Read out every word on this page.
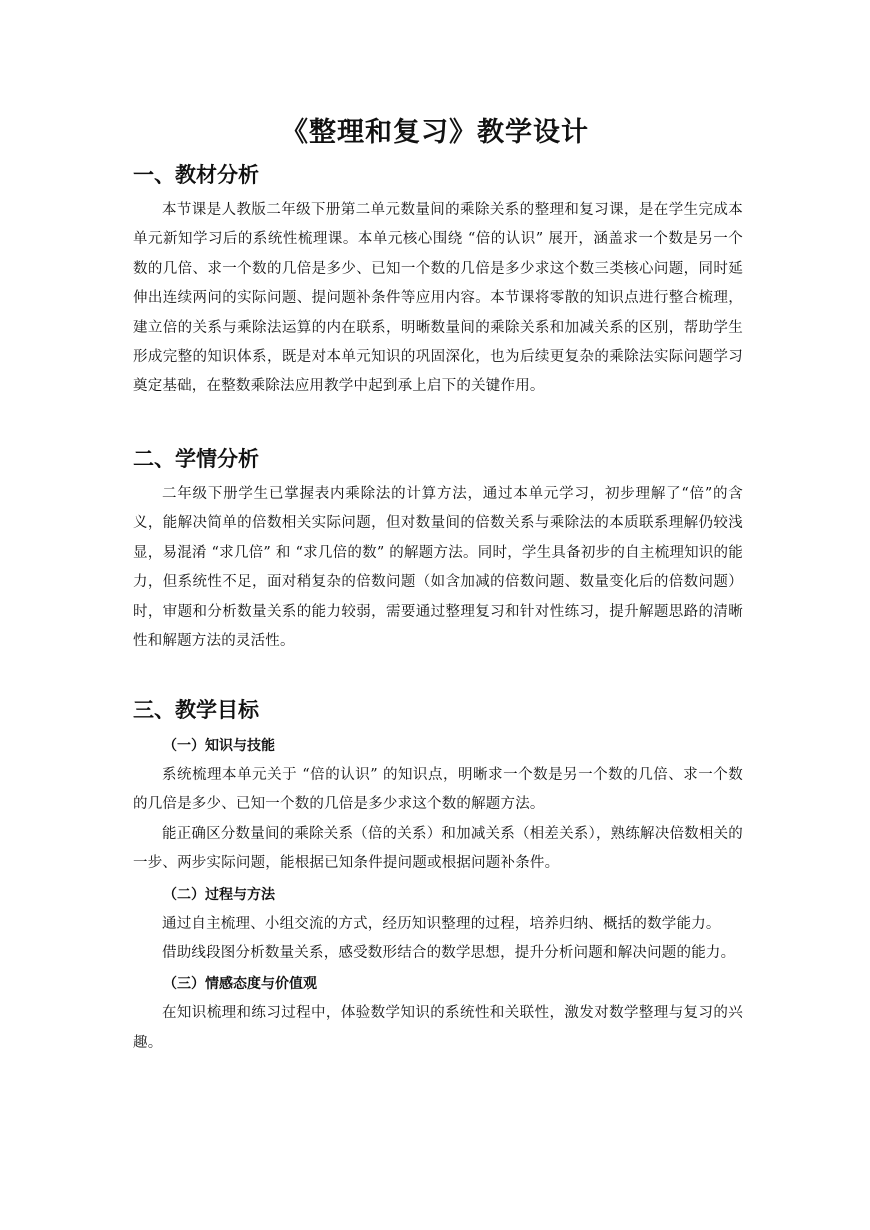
《整理和复习》教学设计
一、教材分析

本节课是人教版二年级下册第二单元数量间的乘除关系的整理和复习课，是在学生完成本单元新知学习后的系统性梳理课。本单元核心围绕 “倍的认识” 展开，涵盖求一个数是另一个数的几倍、求一个数的几倍是多少、已知一个数的几倍是多少求这个数三类核心问题，同时延伸出连续两问的实际问题、提问题补条件等应用内容。本节课将零散的知识点进行整合梳理，建立倍的关系与乘除法运算的内在联系，明晰数量间的乘除关系和加减关系的区别，帮助学生形成完整的知识体系，既是对本单元知识的巩固深化，也为后续更复杂的乘除法实际问题学习奠定基础，在整数乘除法应用教学中起到承上启下的关键作用。

二、学情分析

二年级下册学生已掌握表内乘除法的计算方法，通过本单元学习，初步理解了“倍”的含义，能解决简单的倍数相关实际问题，但对数量间的倍数关系与乘除法的本质联系理解仍较浅显，易混淆 “求几倍” 和 “求几倍的数” 的解题方法。同时，学生具备初步的自主梳理知识的能力，但系统性不足，面对稍复杂的倍数问题（如含加减的倍数问题、数量变化后的倍数问题）时，审题和分析数量关系的能力较弱，需要通过整理复习和针对性练习，提升解题思路的清晰性和解题方法的灵活性。

三、教学目标
（一）知识与技能

系统梳理本单元关于 “倍的认识” 的知识点，明晰求一个数是另一个数的几倍、求一个数的几倍是多少、已知一个数的几倍是多少求这个数的解题方法。

能正确区分数量间的乘除关系（倍的关系）和加减关系（相差关系），熟练解决倍数相关的一步、两步实际问题，能根据已知条件提问题或根据问题补条件。

（二）过程与方法

通过自主梳理、小组交流的方式，经历知识整理的过程，培养归纳、概括的数学能力。

借助线段图分析数量关系，感受数形结合的数学思想，提升分析问题和解决问题的能力。

（三）情感态度与价值观

在知识梳理和练习过程中，体验数学知识的系统性和关联性，激发对数学整理与复习的兴趣。
